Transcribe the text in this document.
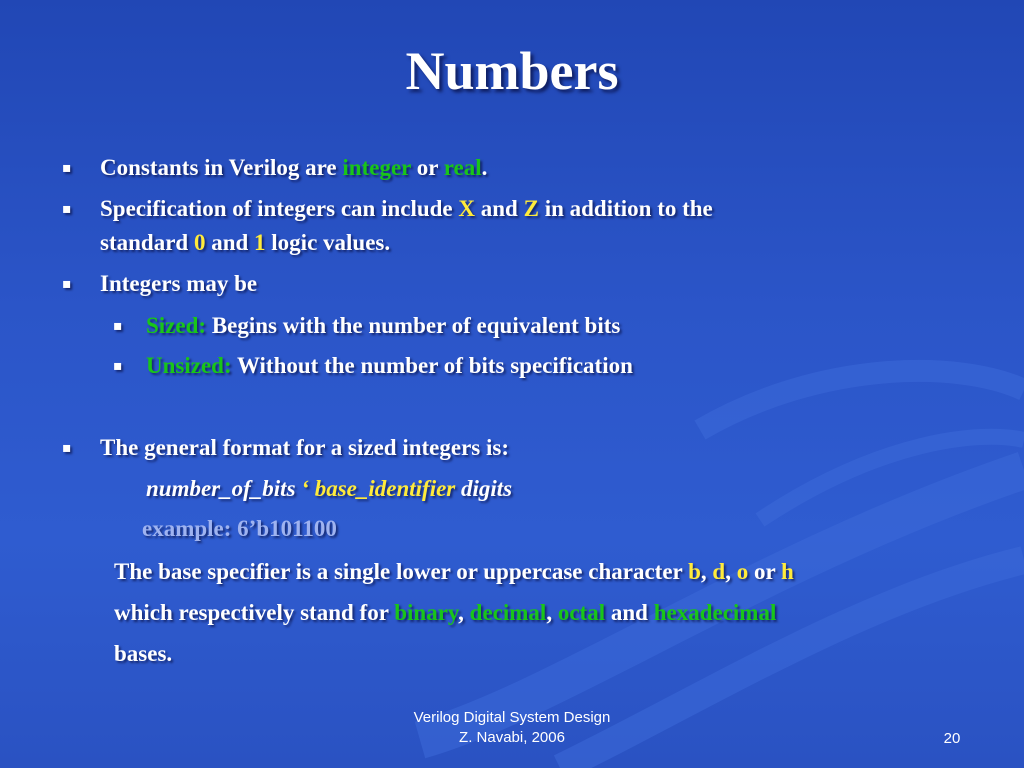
Numbers
▪ Constants in Verilog are integer or real.
▪ Specification of integers can include X and Z in addition to the
standard 0 and 1 logic values.
▪ Integers may be
▪ Sized: Begins with the number of equivalent bits
▪ Unsized: Without the number of bits specification
▪ The general format for a sized integers is:
number_of_bits ‘ base_identifier digits
example: 6’b101100
The base specifier is a single lower or uppercase character b, d, o or h
which respectively stand for binary, decimal, octal and hexadecimal
bases.
Verilog Digital System Design
Z. Navabi, 2006	20
